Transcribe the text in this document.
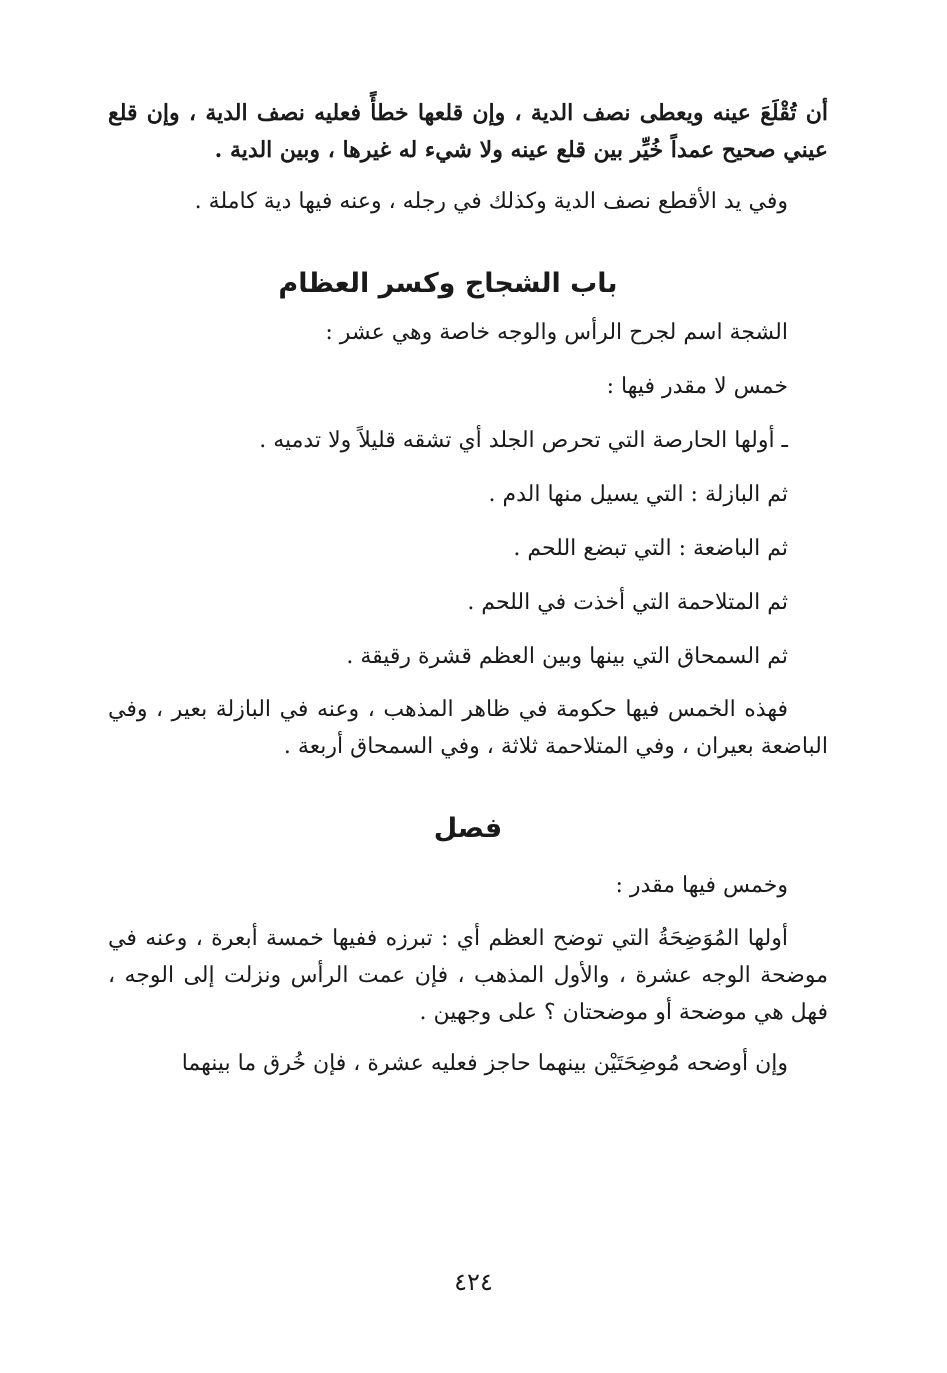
أن تُقْلَعَ عينه ويعطى نصف الدية ، وإن قلعها خطأً فعليه نصف الدية ، وإن قلع عيني صحيح عمداً خُيِّر بين قلع عينه ولا شيء له غيرها ، وبين الدية .

وفي يد الأقطع نصف الدية وكذلك في رجله ، وعنه فيها دية كاملة .

باب الشجاج وكسر العظام

الشجة اسم لجرح الرأس والوجه خاصة وهي عشر :

خمس لا مقدر فيها :

ـ أولها الحارصة التي تحرص الجلد أي تشقه قليلاً ولا تدميه .

ثم البازلة : التي يسيل منها الدم .

ثم الباضعة : التي تبضع اللحم .

ثم المتلاحمة التي أخذت في اللحم .

ثم السمحاق التي بينها وبين العظم قشرة رقيقة .

فهذه الخمس فيها حكومة في ظاهر المذهب ، وعنه في البازلة بعير ، وفي الباضعة بعيران ، وفي المتلاحمة ثلاثة ، وفي السمحاق أربعة .

فصل

وخمس فيها مقدر :

أولها المُوَضِحَةُ التي توضح العظم أي : تبرزه ففيها خمسة أبعرة ، وعنه في موضحة الوجه عشرة ، والأول المذهب ، فإن عمت الرأس ونزلت إلى الوجه ، فهل هي موضحة أو موضحتان ؟ على وجهين .

وإن أوضحه مُوضِحَتَيْن بينهما حاجز فعليه عشرة ، فإن خُرق ما بينهما

٤٢٤
